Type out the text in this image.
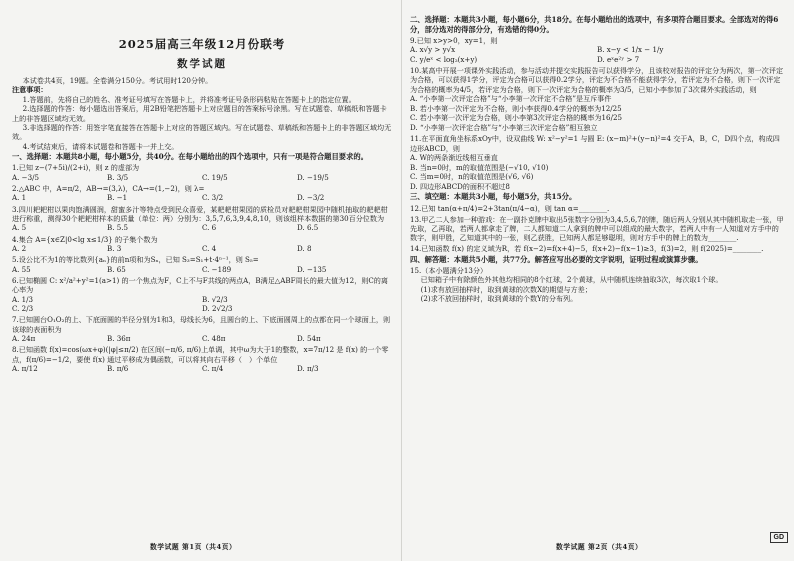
2025届高三年级12月份联考
数学试题

本试卷共4页，19题。全卷满分150分。考试用时120分钟。

注意事项：

1.答题前，先将自己的姓名、准考证号填写在答题卡上，并将准考证号条形码粘贴在答题卡上的指定位置。

2.选择题的作答：每小题选出答案后，用2B铅笔把答题卡上对应题目的答案标号涂黑。写在试题卷、草稿纸和答题卡上的非答题区域均无效。

3.非选择题的作答：用签字笔直接答在答题卡上对应的答题区域内。写在试题卷、草稿纸和答题卡上的非答题区域均无效。

4.考试结束后，请将本试题卷和答题卡一并上交。

一、选择题：本题共8小题，每小题5分，共40分。在每小题给出的四个选项中，只有一项是符合题目要求的。
1.已知 z−(7+5i)/(2+i)，则 z 的虚部为
A. −3/5	B. 3/5	C. 19/5	D. −19/5
2.△ABC 中，A=π/2，AB→=(3,λ)，CA→=(1,−2)，则 λ=
A. 1	B. −1	C. 3/2	D. −3/2
3.四川耙耙柑以果肉饱满圆润，甜蜜多汁等特点受到民众喜爱，某耙耙柑果园的质检员对耙耙柑果园中随机抽取的耙耙柑进行称重，测得30个耙耙柑样本的质量（单位：两）分别为：3,5,7,6,3,9,4,8,10，则该组样本数据的第30百分位数为
A. 5	B. 5.5	C. 6	D. 6.5
4.集合 A={x∈Z|0<lg x≤1/3} 的子集个数为
A. 2	B. 3	C. 4	D. 8
5.设公比不为1的等比数列{aₙ}的前n项和为Sₙ，已知 S₃=S₁+t·4ⁿ⁻¹，则 S₅=
A. 55	B. 65	C. −189	D. −135
6.已知椭圆 C: x²/a²+y²=1(a>1) 的一个焦点为F，C上不与F共线的两点A，B满足△ABF周长的最大值为12，则C的离心率为
A. 1/3	B. √2/3
C. 2/3	D. 2√2/3
7.已知圆台O₁O₂的上、下底面圆的半径分别为1和3，母线长为6，且圆台的上、下底面圆周上的点都在同一个球面上，则该球的表面积为
A. 24π	B. 36π	C. 48π	D. 54π
8.已知函数 f(x)=cos(ωx+φ)(|φ|≤π/2) 在区间(−π/6, π/6)上单调，其中ω为大于1的整数，x=7π/12 是 f(x) 的一个零点，f(π/6)=−1/2，要使 f(x) 通过平移成为偶函数，可以将其向右平移（　）个单位
A. π/12	B. π/6	C. π/4	D. π/3
数学试题 第1页（共4页）
二、选择题：本题共3小题，每小题6分，共18分。在每小题给出的选项中，有多项符合题目要求。全部选对的得6分，部分选对的得部分分，有选错的得0分。
9.已知 x>y>0，xy=1，则
A. x√y > y√x	B. x−y < 1/x − 1/y
C. y/eˣ < log₂(x+y)	D. eˣe²ʸ > 7
10.某高中开展一项课外实践活动，参与活动并提交实践报告可以获得学分，且该校对报告的评定分为两次，第一次评定为合格，可以获得1学分，评定为合格可以获得0.2学分，评定为不合格不能获得学分，若评定为不合格，则下一次评定为合格的概率为4/5，若评定为合格，则下一次评定为合格的概率为3/5，已知小李参加了3次课外实践活动，则
A. “小李第一次评定合格”与“小李第一次评定不合格”是互斥事件
B. 若小李第一次评定为不合格，则小李获得0.4学分的概率为12/25
C. 若小李第一次评定为合格，则小李第3次评定合格的概率为16/25
D. “小李第一次评定合格”与“小李第三次评定合格”相互独立
11.在平面直角坐标系xOy中，设双曲线 W: x²−y²=1 与圆 E: (x−m)²+(y−n)²=4 交于A，B，C，D四个点，构成四边形ABCD，则
A. W的两条渐近线相互垂直
B. 当n=0时，m的取值范围是(−√10, √10)
C. 当m=0时，n的取值范围是(√6, √6)
D. 四边形ABCD的面积不超过8
三、填空题：本题共3小题，每小题5分，共15分。
12.已知 tan(α+π/4)=2+3tan(π/4−α)，则 tan α=________.
13.甲乙二人参加一种游戏：在一副扑克牌中取出5张数字分别为3,4,5,6,7的牌，随后两人分别从其中随机取走一张，甲先取，乙再取，若两人都拿走了牌，二人都知道二人拿到的牌中可以组成的最大数字，若两人中有一人知道对方手中的数字，则甲胜，乙知道其中的一张，则乙获胜，已知两人都足够聪明，则对方手中的牌上的数为________.
14.已知函数 f(x) 的定义域为R，若 f(x−2)=f(x+4)−5，f(x+2)−f(x−1)≥3，f(3)=2，则 f(2025)=________.
四、解答题：本题共5小题，共77分。解答应写出必要的文字说明，证明过程或演算步骤。
15.（本小题满分13分）

已知箱子中有除颜色外其他均相同的8个红球，2个黄球，从中随机连续抽取3次，每次取1个球。

(1)求有放回抽样时，取到黄球的次数X的期望与方差；

(2)求不放回抽样时，取到黄球的个数Y的分布列。

数学试题 第2页（共4页）
GD
